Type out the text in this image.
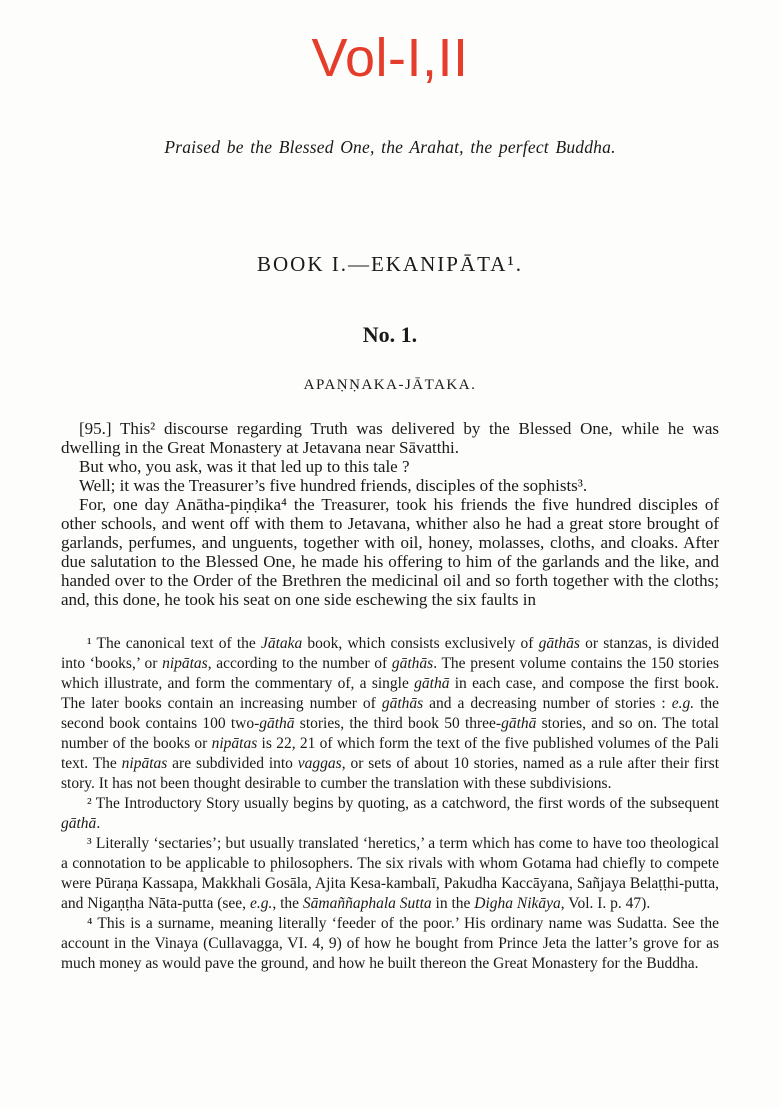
Vol-I,II

Praised be the Blessed One, the Arahat, the perfect Buddha.

BOOK I.—EKANIPĀTA¹.
No. 1.
APAṆṆAKA-JĀTAKA.

[95.] This² discourse regarding Truth was delivered by the Blessed One, while he was dwelling in the Great Monastery at Jetavana near Sāvatthi.

But who, you ask, was it that led up to this tale ?

Well; it was the Treasurer’s five hundred friends, disciples of the sophists³.

For, one day Anātha-piṇḍika⁴ the Treasurer, took his friends the five hundred disciples of other schools, and went off with them to Jetavana, whither also he had a great store brought of garlands, perfumes, and unguents, together with oil, honey, molasses, cloths, and cloaks. After due salutation to the Blessed One, he made his offering to him of the garlands and the like, and handed over to the Order of the Brethren the medicinal oil and so forth together with the cloths; and, this done, he took his seat on one side eschewing the six faults in

¹ The canonical text of the Jātaka book, which consists exclusively of gāthās or stanzas, is divided into ‘books,’ or nipātas, according to the number of gāthās. The present volume contains the 150 stories which illustrate, and form the commentary of, a single gāthā in each case, and compose the first book. The later books contain an increasing number of gāthās and a decreasing number of stories : e.g. the second book contains 100 two-gāthā stories, the third book 50 three-gāthā stories, and so on. The total number of the books or nipātas is 22, 21 of which form the text of the five published volumes of the Pali text. The nipātas are subdivided into vaggas, or sets of about 10 stories, named as a rule after their first story. It has not been thought desirable to cumber the translation with these subdivisions.

² The Introductory Story usually begins by quoting, as a catchword, the first words of the subsequent gāthā.

³ Literally ‘sectaries’; but usually translated ‘heretics,’ a term which has come to have too theological a connotation to be applicable to philosophers. The six rivals with whom Gotama had chiefly to compete were Pūraṇa Kassapa, Makkhali Gosāla, Ajita Kesa-kambalī, Pakudha Kaccāyana, Sañjaya Belaṭṭhi-putta, and Nigaṇṭha Nāta-putta (see, e.g., the Sāmaññaphala Sutta in the Digha Nikāya, Vol. I. p. 47).

⁴ This is a surname, meaning literally ‘feeder of the poor.’ His ordinary name was Sudatta. See the account in the Vinaya (Cullavagga, VI. 4, 9) of how he bought from Prince Jeta the latter’s grove for as much money as would pave the ground, and how he built thereon the Great Monastery for the Buddha.
